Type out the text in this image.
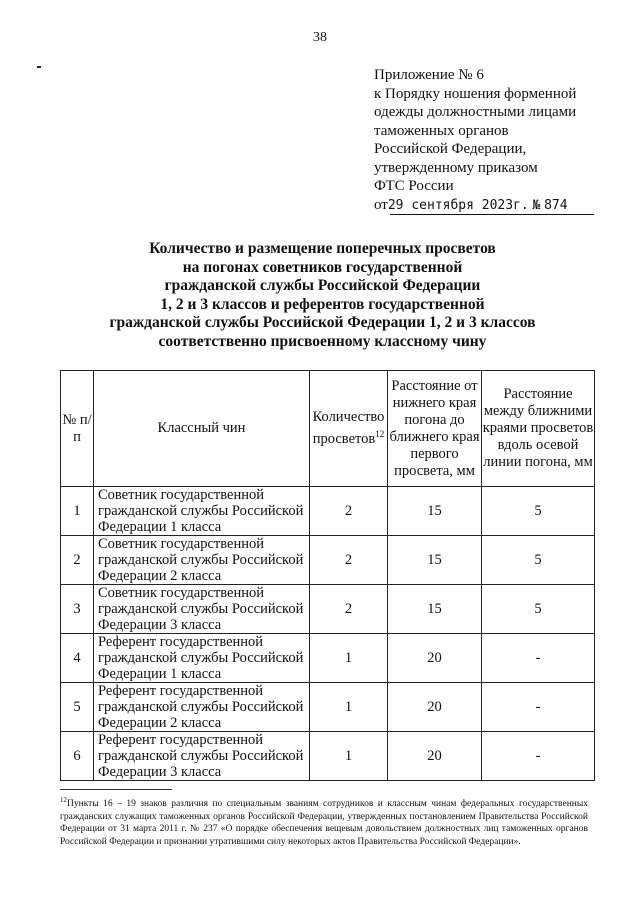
38
Приложение № 6
к Порядку ношения форменной
одежды должностными лицами
таможенных органов
Российской Федерации,
утвержденному приказом
ФТС России
от29 сентября 2023г. № 874
Количество и размещение поперечных просветов
на погонах советников государственной
гражданской службы Российской Федерации
1, 2 и 3 классов и референтов государственной
гражданской службы Российской Федерации 1, 2 и 3 классов
соответственно присвоенному классному чину
№ п/п	Классный чин	Количество просветов$^{12}$	Расстояние от нижнего края погона до ближнего края первого просвета, мм	Расстояние между ближними краями просветов вдоль осевой линии погона, мм
1	Советник государственной гражданской службы Российской Федерации 1 класса	2	15	5
2	Советник государственной гражданской службы Российской Федерации 2 класса	2	15	5
3	Советник государственной гражданской службы Российской Федерации 3 класса	2	15	5
4	Референт государственной гражданской службы Российской Федерации 1 класса	1	20	-
5	Референт государственной гражданской службы Российской Федерации 2 класса	1	20	-
6	Референт государственной гражданской службы Российской Федерации 3 класса	1	20	-
$^{12}$Пункты 16 – 19 знаков различия по специальным званиям сотрудников и классным чинам федеральных государственных гражданских служащих таможенных органов Российской Федерации, утвержденных постановлением Правительства Российской Федерации от 31 марта 2011 г. № 237 «О порядке обеспечения вещевым довольствием должностных лиц таможенных органов Российской Федерации и признании утратившими силу некоторых актов Правительства Российской Федерации».
